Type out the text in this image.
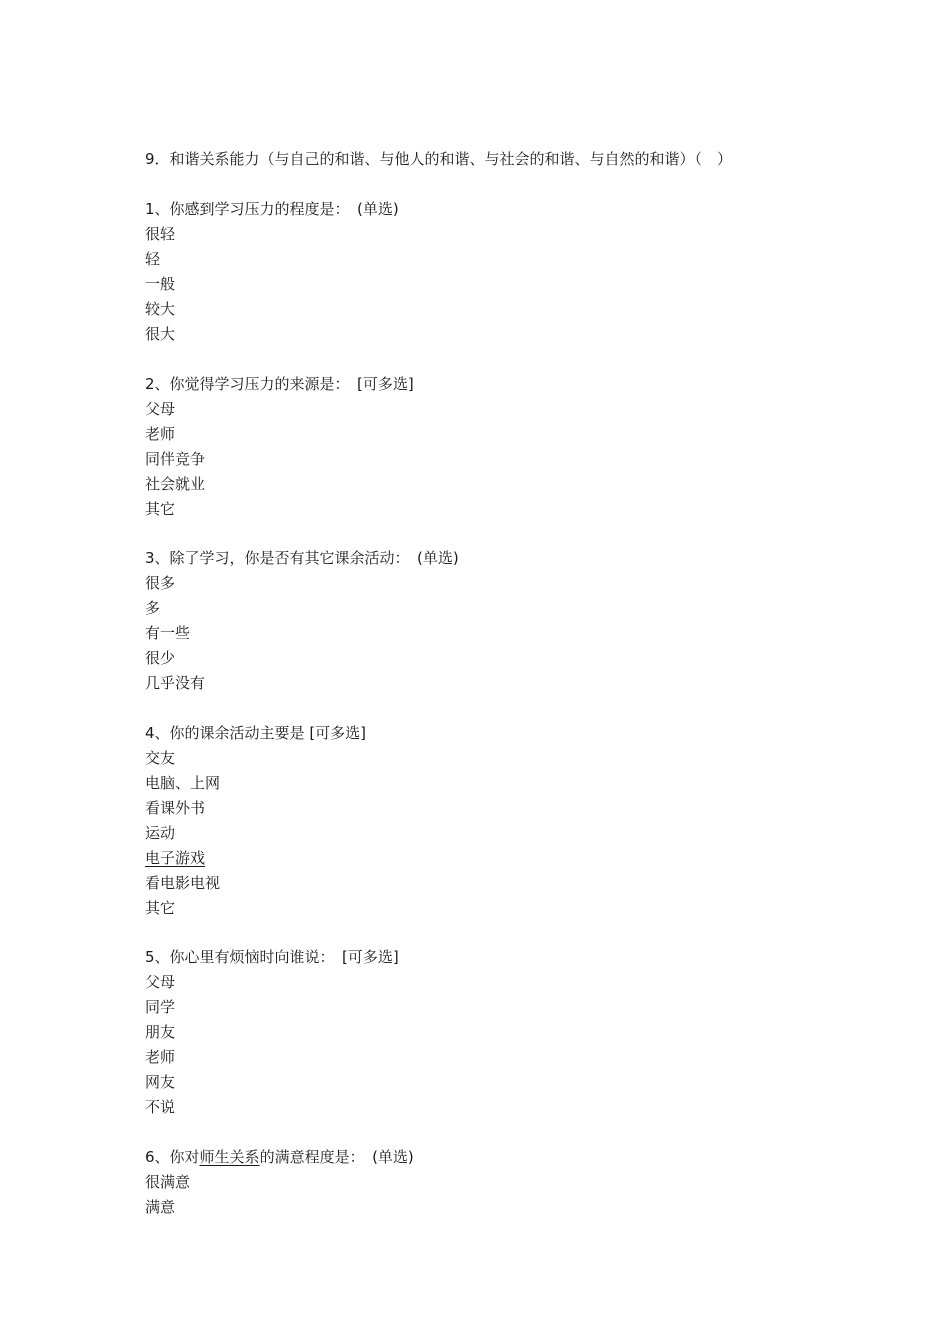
9．和谐关系能力（与自己的和谐、与他人的和谐、与社会的和谐、与自然的和谐）（　）
1、你感到学习压力的程度是：　(单选)
很轻
轻
一般
较大
很大
2、你觉得学习压力的来源是：　[可多选]
父母
老师
同伴竞争
社会就业
其它
3、除了学习，你是否有其它课余活动：　(单选)
很多
多
有一些
很少
几乎没有
4、你的课余活动主要是 [可多选]
交友
电脑、上网
看课外书
运动
电子游戏
看电影电视
其它
5、你心里有烦恼时向谁说：　[可多选]
父母
同学
朋友
老师
网友
不说
6、你对师生关系的满意程度是：　(单选)
很满意
满意
